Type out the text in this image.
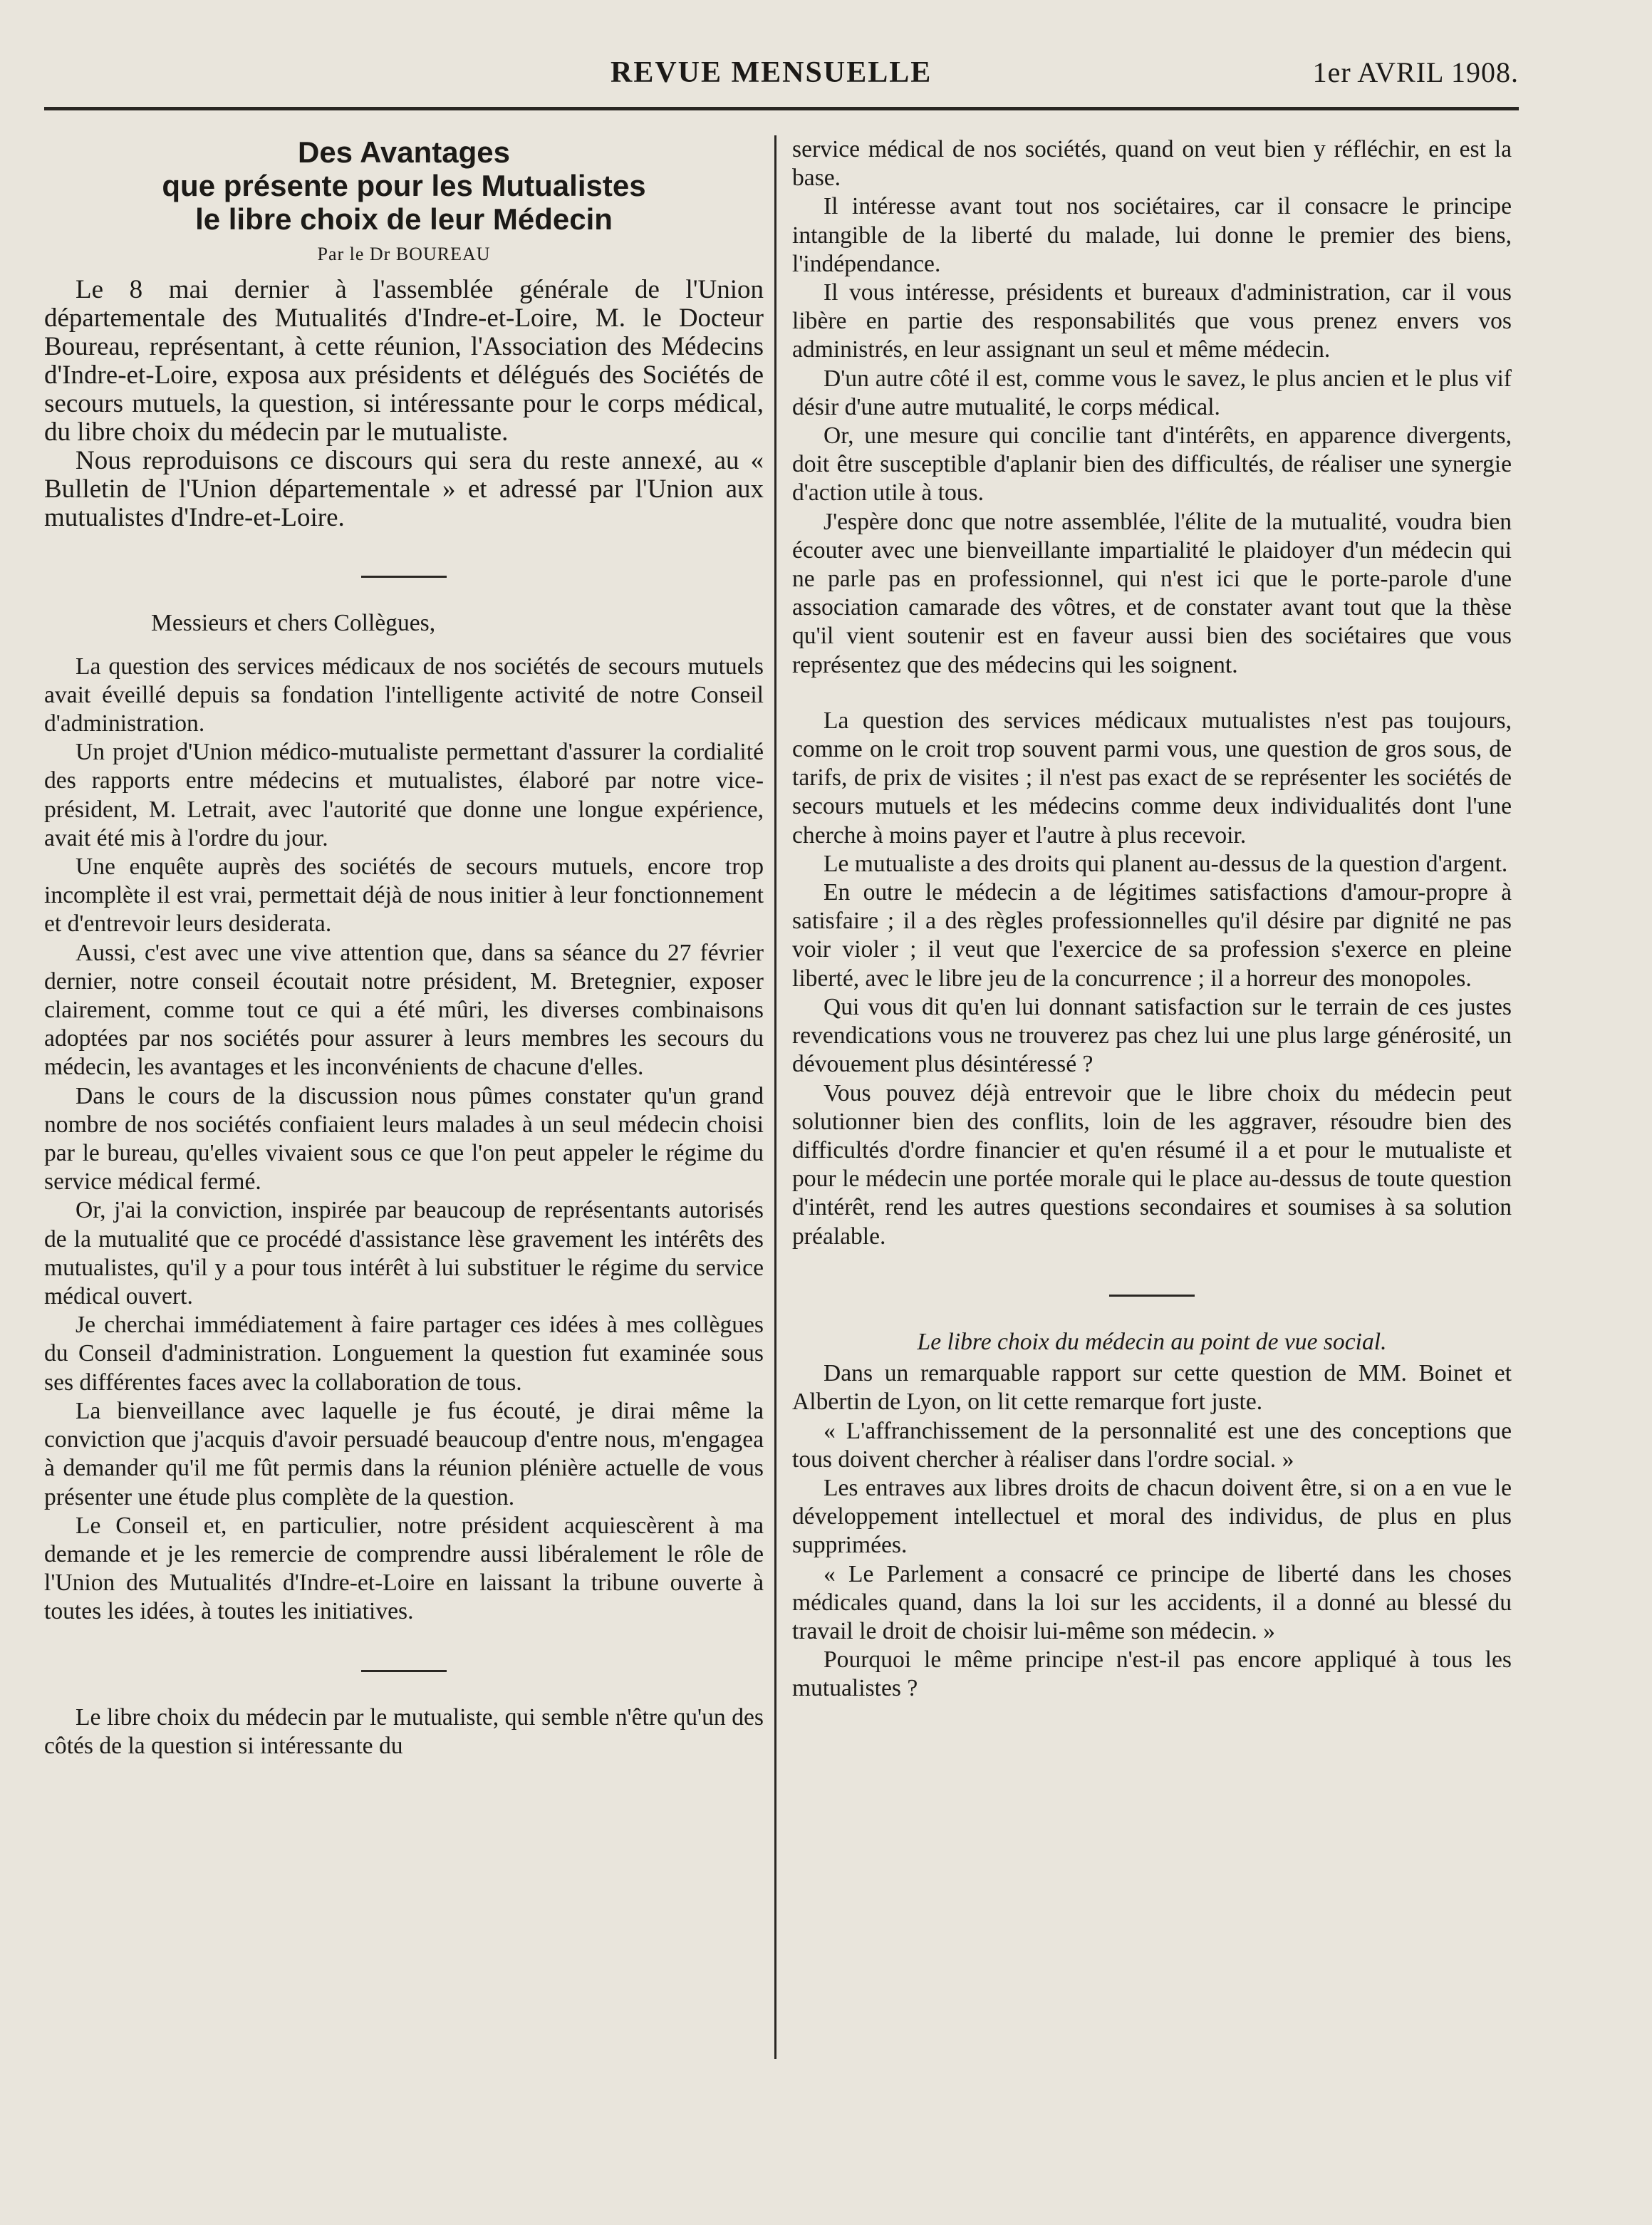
REVUE MENSUELLE	1er AVRIL 1908.
Des Avantages
que présente pour les Mutualistes
le libre choix de leur Médecin
Par le Dr BOUREAU

Le 8 mai dernier à l'assemblée générale de l'Union départementale des Mutualités d'Indre-et-Loire, M. le Docteur Boureau, représentant, à cette réunion, l'Association des Médecins d'Indre-et-Loire, exposa aux présidents et délégués des Sociétés de secours mutuels, la question, si intéressante pour le corps médical, du libre choix du médecin par le mutualiste.

Nous reproduisons ce discours qui sera du reste annexé, au « Bulletin de l'Union départementale » et adressé par l'Union aux mutualistes d'Indre-et-Loire.

Messieurs et chers Collègues,

La question des services médicaux de nos sociétés de secours mutuels avait éveillé depuis sa fondation l'intelligente activité de notre Conseil d'administration.

Un projet d'Union médico-mutualiste permettant d'assurer la cordialité des rapports entre médecins et mutualistes, élaboré par notre vice-président, M. Letrait, avec l'autorité que donne une longue expérience, avait été mis à l'ordre du jour.

Une enquête auprès des sociétés de secours mutuels, encore trop incomplète il est vrai, permettait déjà de nous initier à leur fonctionnement et d'entrevoir leurs desiderata.

Aussi, c'est avec une vive attention que, dans sa séance du 27 février dernier, notre conseil écoutait notre président, M. Bretegnier, exposer clairement, comme tout ce qui a été mûri, les diverses combinaisons adoptées par nos sociétés pour assurer à leurs membres les secours du médecin, les avantages et les inconvénients de chacune d'elles.

Dans le cours de la discussion nous pûmes constater qu'un grand nombre de nos sociétés confiaient leurs malades à un seul médecin choisi par le bureau, qu'elles vivaient sous ce que l'on peut appeler le régime du service médical fermé.

Or, j'ai la conviction, inspirée par beaucoup de représentants autorisés de la mutualité que ce procédé d'assistance lèse gravement les intérêts des mutualistes, qu'il y a pour tous intérêt à lui substituer le régime du service médical ouvert.

Je cherchai immédiatement à faire partager ces idées à mes collègues du Conseil d'administration. Longuement la question fut examinée sous ses différentes faces avec la collaboration de tous.

La bienveillance avec laquelle je fus écouté, je dirai même la conviction que j'acquis d'avoir persuadé beaucoup d'entre nous, m'engagea à demander qu'il me fût permis dans la réunion plénière actuelle de vous présenter une étude plus complète de la question.

Le Conseil et, en particulier, notre président acquiescèrent à ma demande et je les remercie de comprendre aussi libéralement le rôle de l'Union des Mutualités d'Indre-et-Loire en laissant la tribune ouverte à toutes les idées, à toutes les initiatives.

Le libre choix du médecin par le mutualiste, qui semble n'être qu'un des côtés de la question si intéressante du

service médical de nos sociétés, quand on veut bien y réfléchir, en est la base.

Il intéresse avant tout nos sociétaires, car il consacre le principe intangible de la liberté du malade, lui donne le premier des biens, l'indépendance.

Il vous intéresse, présidents et bureaux d'administration, car il vous libère en partie des responsabilités que vous prenez envers vos administrés, en leur assignant un seul et même médecin.

D'un autre côté il est, comme vous le savez, le plus ancien et le plus vif désir d'une autre mutualité, le corps médical.

Or, une mesure qui concilie tant d'intérêts, en apparence divergents, doit être susceptible d'aplanir bien des difficultés, de réaliser une synergie d'action utile à tous.

J'espère donc que notre assemblée, l'élite de la mutualité, voudra bien écouter avec une bienveillante impartialité le plaidoyer d'un médecin qui ne parle pas en professionnel, qui n'est ici que le porte-parole d'une association camarade des vôtres, et de constater avant tout que la thèse qu'il vient soutenir est en faveur aussi bien des sociétaires que vous représentez que des médecins qui les soignent.

La question des services médicaux mutualistes n'est pas toujours, comme on le croit trop souvent parmi vous, une question de gros sous, de tarifs, de prix de visites ; il n'est pas exact de se représenter les sociétés de secours mutuels et les médecins comme deux individualités dont l'une cherche à moins payer et l'autre à plus recevoir.

Le mutualiste a des droits qui planent au-dessus de la question d'argent.

En outre le médecin a de légitimes satisfactions d'amour-propre à satisfaire ; il a des règles professionnelles qu'il désire par dignité ne pas voir violer ; il veut que l'exercice de sa profession s'exerce en pleine liberté, avec le libre jeu de la concurrence ; il a horreur des monopoles.

Qui vous dit qu'en lui donnant satisfaction sur le terrain de ces justes revendications vous ne trouverez pas chez lui une plus large générosité, un dévouement plus désintéressé ?

Vous pouvez déjà entrevoir que le libre choix du médecin peut solutionner bien des conflits, loin de les aggraver, résoudre bien des difficultés d'ordre financier et qu'en résumé il a et pour le mutualiste et pour le médecin une portée morale qui le place au-dessus de toute question d'intérêt, rend les autres questions secondaires et soumises à sa solution préalable.

Le libre choix du médecin au point de vue social.

Dans un remarquable rapport sur cette question de MM. Boinet et Albertin de Lyon, on lit cette remarque fort juste.

« L'affranchissement de la personnalité est une des conceptions que tous doivent chercher à réaliser dans l'ordre social. »

Les entraves aux libres droits de chacun doivent être, si on a en vue le développement intellectuel et moral des individus, de plus en plus supprimées.

« Le Parlement a consacré ce principe de liberté dans les choses médicales quand, dans la loi sur les accidents, il a donné au blessé du travail le droit de choisir lui-même son médecin. »

Pourquoi le même principe n'est-il pas encore appliqué à tous les mutualistes ?
